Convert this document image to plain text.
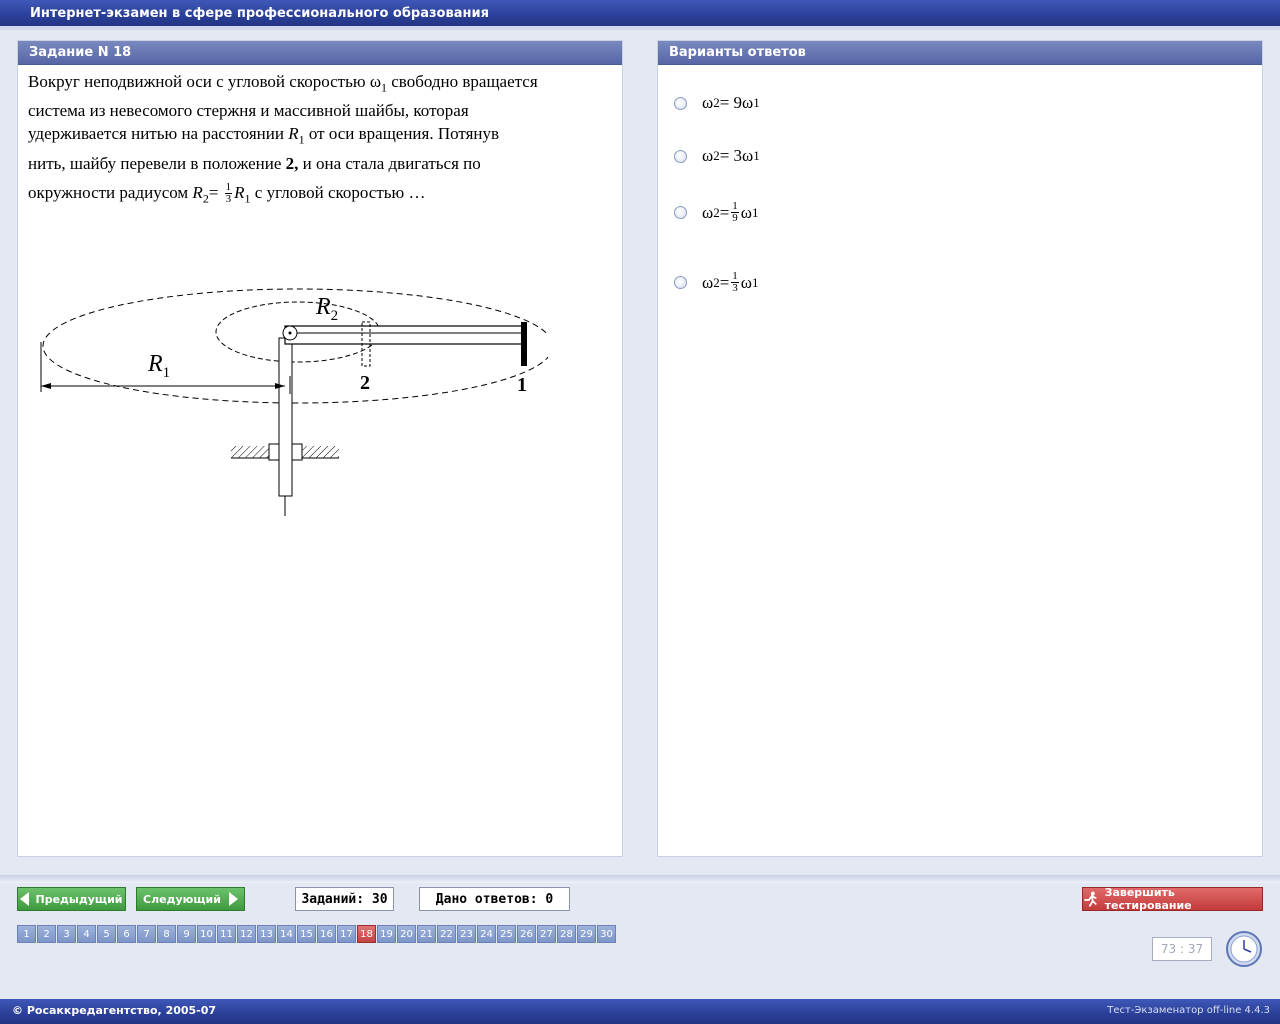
Интернет-экзамен в сфере профессионального образования
Задание N 18
Вокруг неподвижной оси с угловой скоростью $\omega_1$ свободно вращается
система из невесомого стержня и массивной шайбы, которая
удерживается нитью на расстоянии $R_1$ от оси вращения. Потянув
нить, шайбу перевели в положение 2, и она стала двигаться по
окружности радиусом $R_2= \frac{1}{3} R_1$ с угловой скоростью …
$R_2$
$R_1$	2	1
Варианты ответов
ω 2 = 9ω 1
ω 2 = 3ω 1
ω $2 = \frac{1}{9}$ ω 1
ω $2 = \frac{1}{3}$ ω 1
Предыдущий Следующий	Заданий: 30	Дано ответов: 0	Завершить тестирование
1	2	3	4	5	6	7	8	9	10 11 12 13 14 15 16 17 18 19 20 21 22 23 24 25 26 27 28 29 30
73 : 37
© Росаккредагентство, 2005-07	Тест-Экзаменатор off-line 4.4.3
